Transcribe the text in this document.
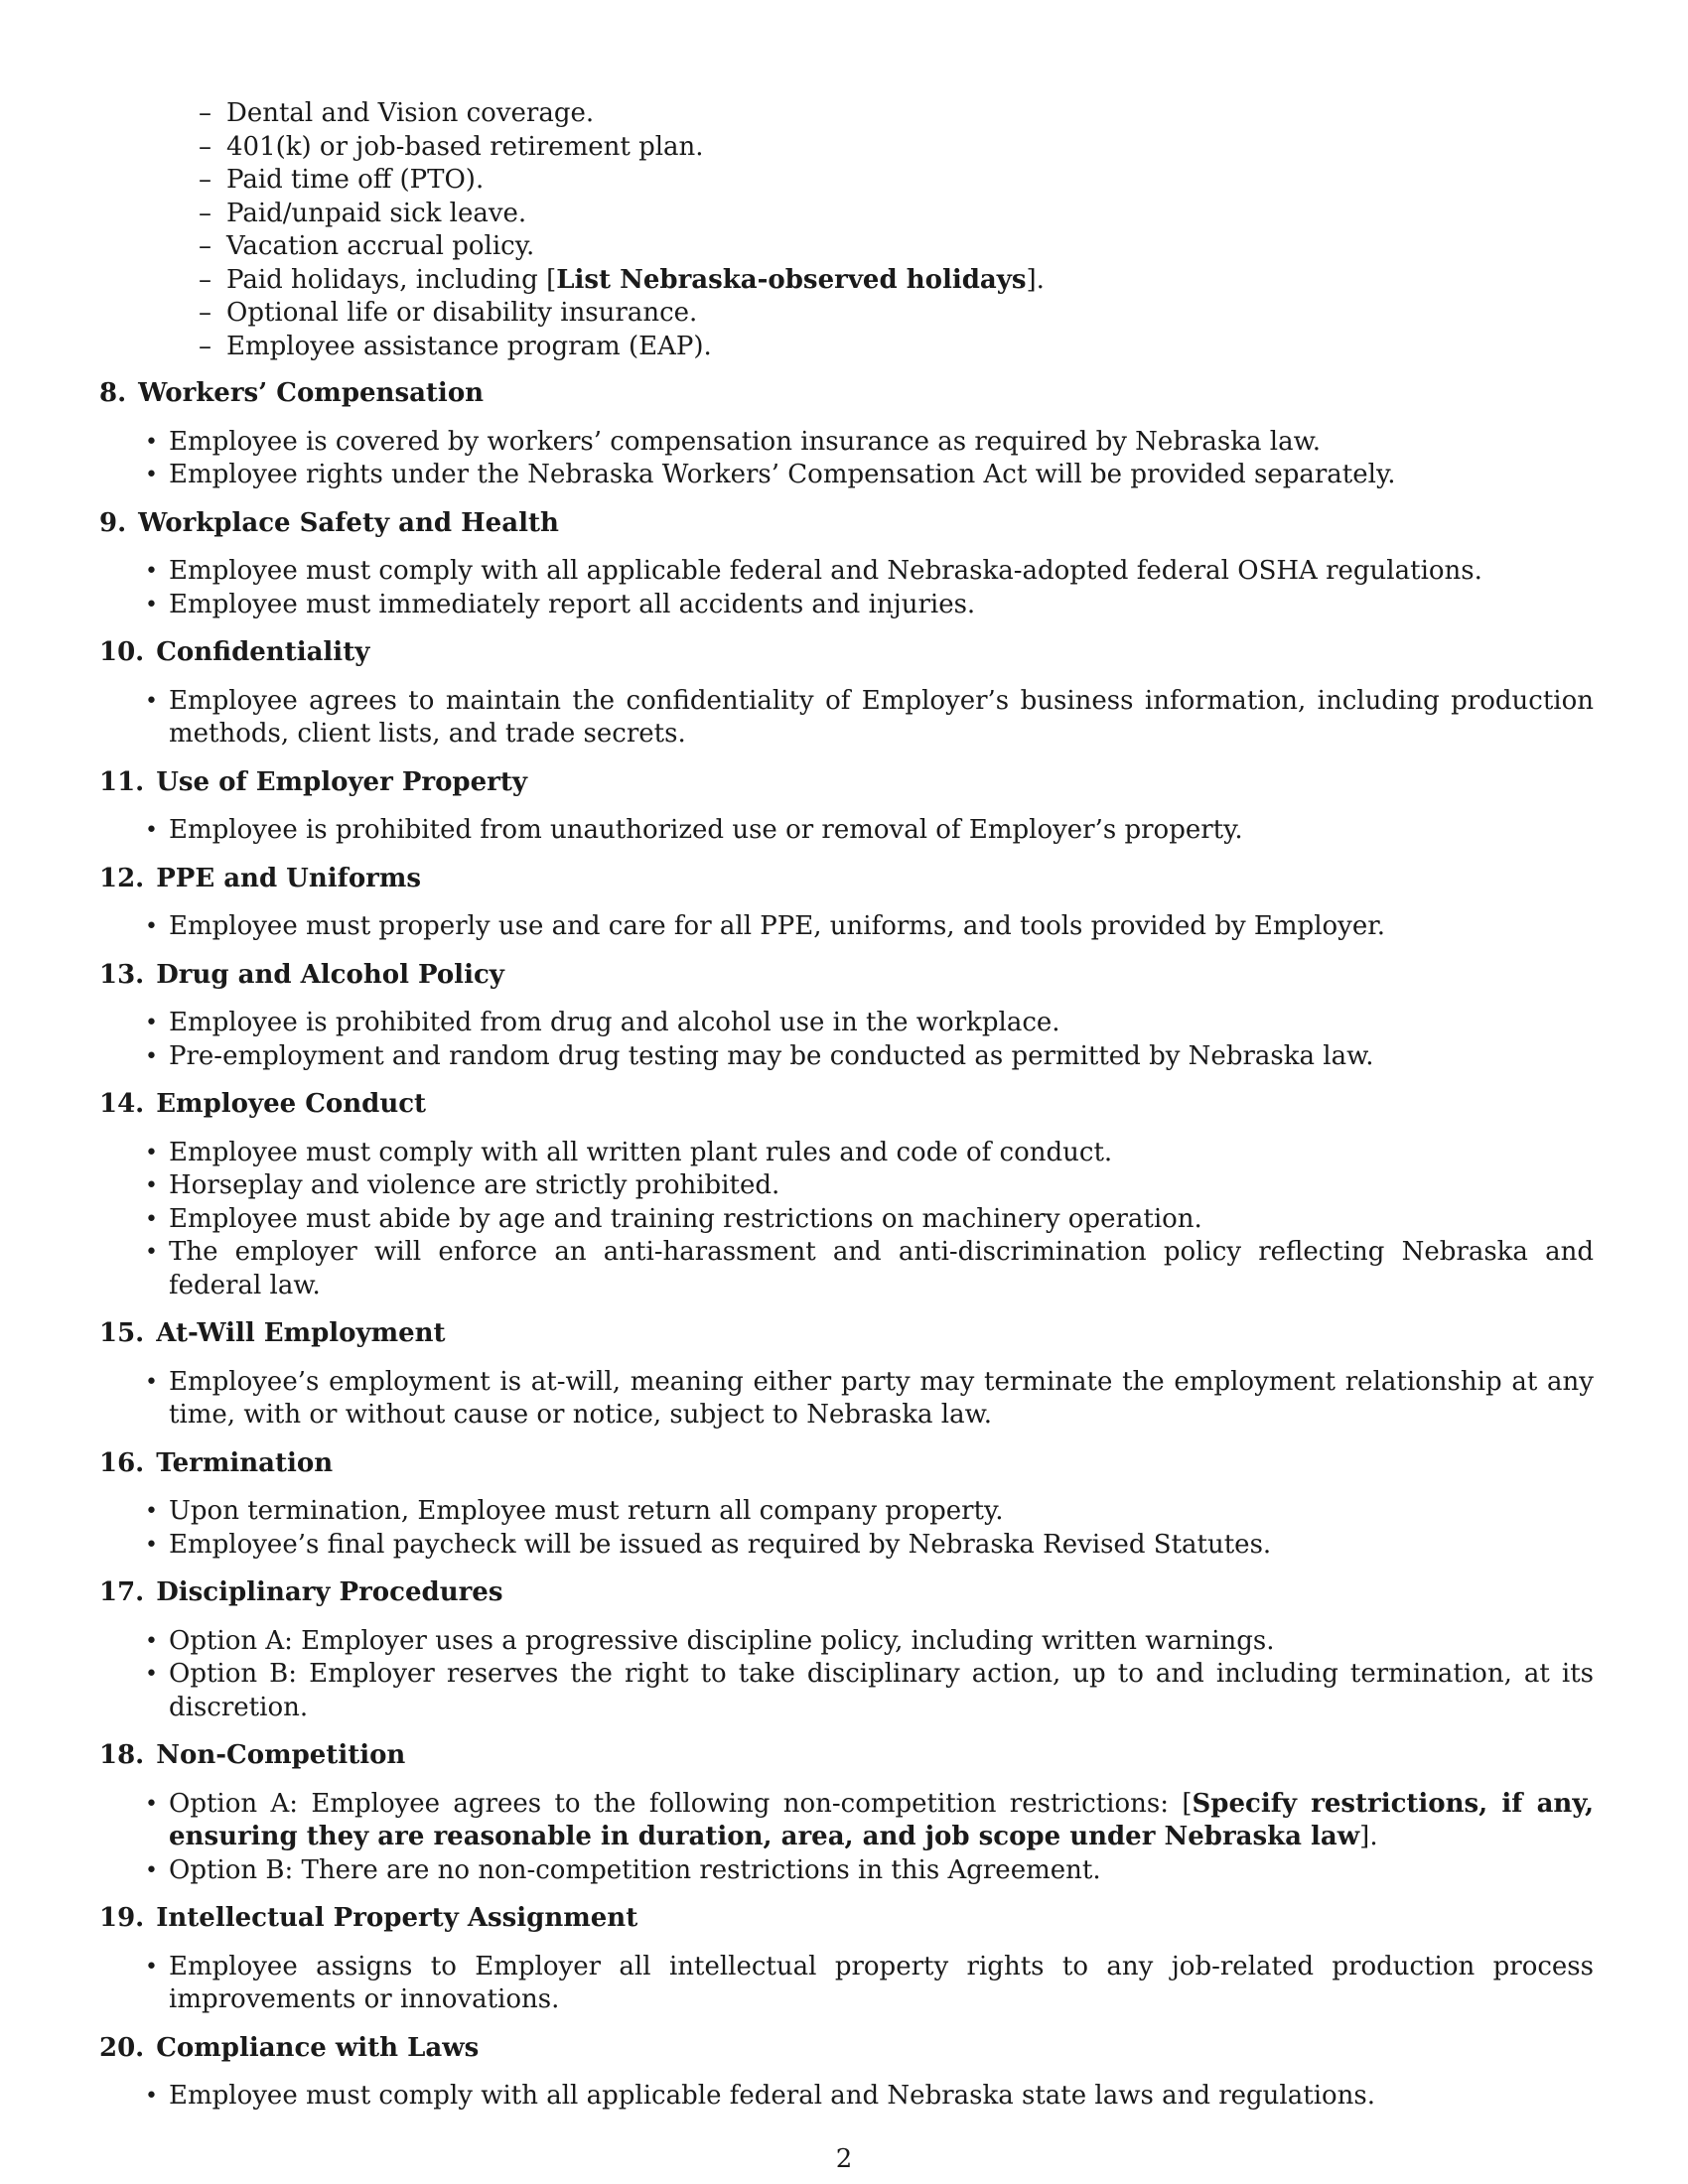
– Dental and Vision coverage.
– 401(k) or job-based retirement plan.
– Paid time off (PTO).
– Paid/unpaid sick leave.
– Vacation accrual policy.
– Paid holidays, including [List Nebraska-observed holidays].
– Optional life or disability insurance.
– Employee assistance program (EAP).
8. Workers’ Compensation
• Employee is covered by workers’ compensation insurance as required by Nebraska law.
• Employee rights under the Nebraska Workers’ Compensation Act will be provided separately.
9. Workplace Safety and Health
• Employee must comply with all applicable federal and Nebraska-adopted federal OSHA regulations.
• Employee must immediately report all accidents and injuries.
10. Confidentiality
• Employee agrees to maintain the confidentiality of Employer’s business information, including production methods, client lists, and trade secrets.
11. Use of Employer Property
• Employee is prohibited from unauthorized use or removal of Employer’s property.
12. PPE and Uniforms
• Employee must properly use and care for all PPE, uniforms, and tools provided by Employer.
13. Drug and Alcohol Policy
• Employee is prohibited from drug and alcohol use in the workplace.
• Pre-employment and random drug testing may be conducted as permitted by Nebraska law.
14. Employee Conduct
• Employee must comply with all written plant rules and code of conduct.
• Horseplay and violence are strictly prohibited.
• Employee must abide by age and training restrictions on machinery operation.
• The employer will enforce an anti-harassment and anti-discrimination policy reflecting Nebraska and federal law.
15. At-Will Employment
• Employee’s employment is at-will, meaning either party may terminate the employment relationship at any time, with or without cause or notice, subject to Nebraska law.
16. Termination
• Upon termination, Employee must return all company property.
• Employee’s final paycheck will be issued as required by Nebraska Revised Statutes.
17. Disciplinary Procedures
• Option A: Employer uses a progressive discipline policy, including written warnings.
• Option B: Employer reserves the right to take disciplinary action, up to and including termination, at its discretion.
18. Non-Competition
• Option A: Employee agrees to the following non-competition restrictions: [Specify restrictions, if any, ensuring they are reasonable in duration, area, and job scope under Nebraska law].
• Option B: There are no non-competition restrictions in this Agreement.
19. Intellectual Property Assignment
• Employee assigns to Employer all intellectual property rights to any job-related production process improvements or innovations.
20. Compliance with Laws
• Employee must comply with all applicable federal and Nebraska state laws and regulations.
2
